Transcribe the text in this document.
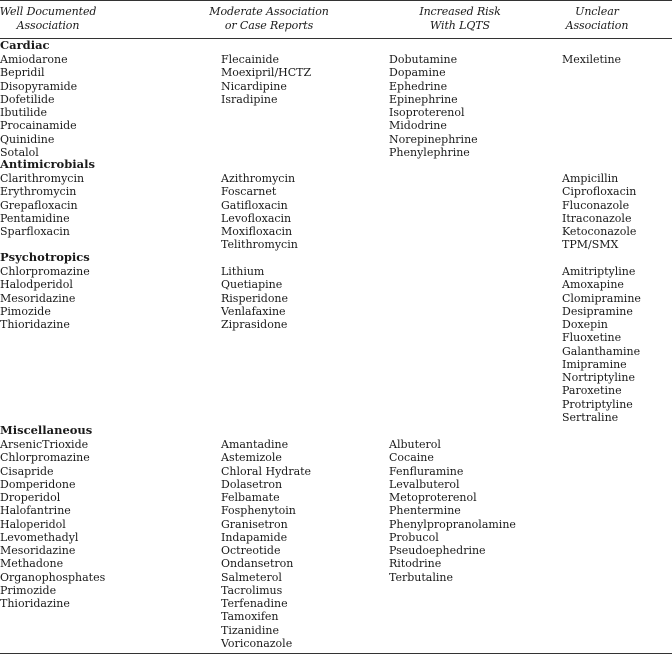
Well Documented
Association
Moderate Association
or Case Reports
Increased Risk
With LQTS
Unclear
Association
Cardiac
Amiodarone
Bepridil
Disopyramide
Dofetilide
Ibutilide
Procainamide
Quinidine
Sotalol
Flecainide
Moexipril/HCTZ
Nicardipine
Isradipine
Dobutamine
Dopamine
Ephedrine
Epinephrine
Isoproterenol
Midodrine
Norepinephrine
Phenylephrine
Mexiletine
Antimicrobials
Clarithromycin
Erythromycin
Grepafloxacin
Pentamidine
Sparfloxacin
Azithromycin
Foscarnet
Gatifloxacin
Levofloxacin
Moxifloxacin
Telithromycin
Ampicillin
Ciprofloxacin
Fluconazole
Itraconazole
Ketoconazole
TPM/SMX
Psychotropics
Chlorpromazine
Halodperidol
Mesoridazine
Pimozide
Thioridazine
Lithium
Quetiapine
Risperidone
Venlafaxine
Ziprasidone
Amitriptyline
Amoxapine
Clomipramine
Desipramine
Doxepin
Fluoxetine
Galanthamine
Imipramine
Nortriptyline
Paroxetine
Protriptyline
Sertraline
Miscellaneous
ArsenicTrioxide
Chlorpromazine
Cisapride
Domperidone
Droperidol
Halofantrine
Haloperidol
Levomethadyl
Mesoridazine
Methadone
Organophosphates
Primozide
Thioridazine
Amantadine
Astemizole
Chloral Hydrate
Dolasetron
Felbamate
Fosphenytoin
Granisetron
Indapamide
Octreotide
Ondansetron
Salmeterol
Tacrolimus
Terfenadine
Tamoxifen
Tizanidine
Voriconazole
Albuterol
Cocaine
Fenfluramine
Levalbuterol
Metoproterenol
Phentermine
Phenylpropranolamine
Probucol
Pseudoephedrine
Ritodrine
Terbutaline
